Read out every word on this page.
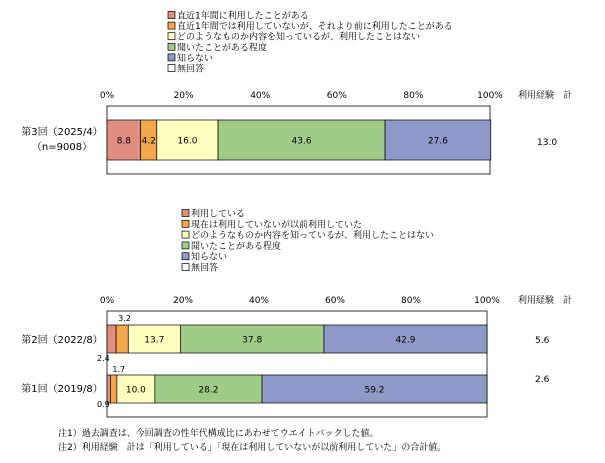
直近1年間に利用したことがある
直近1年間では利用していないが、それより前に利用したことがある
どのようなものか内容を知っているが、利用したことはない
聞いたことがある程度
知らない
無回答
0%	20%	40%	60%	80%	100% 利用経験　計
8.8 4.2 16.0	43.6	27.6
第3回（2025/4）
（n=9008）	13.0
利用している
現在は利用していないが以前利用していた
どのようなものか内容を知っているが、利用したことはない
聞いたことがある程度
知らない
無回答
0%	20%	40%	60%	80%	100% 利用経験　計
2.4
3.2
13.7	37.8	42.9
第2回（2022/8）	5.6
0.9
1.7
10.0	28.2	59.2
第1回（2019/8）
2.6
注1）過去調査は、今回調査の性年代構成比にあわせてウエイトバックした値。
注2）利用経験　計は「利用している」「現在は利用していないが以前利用していた」の合計値。
